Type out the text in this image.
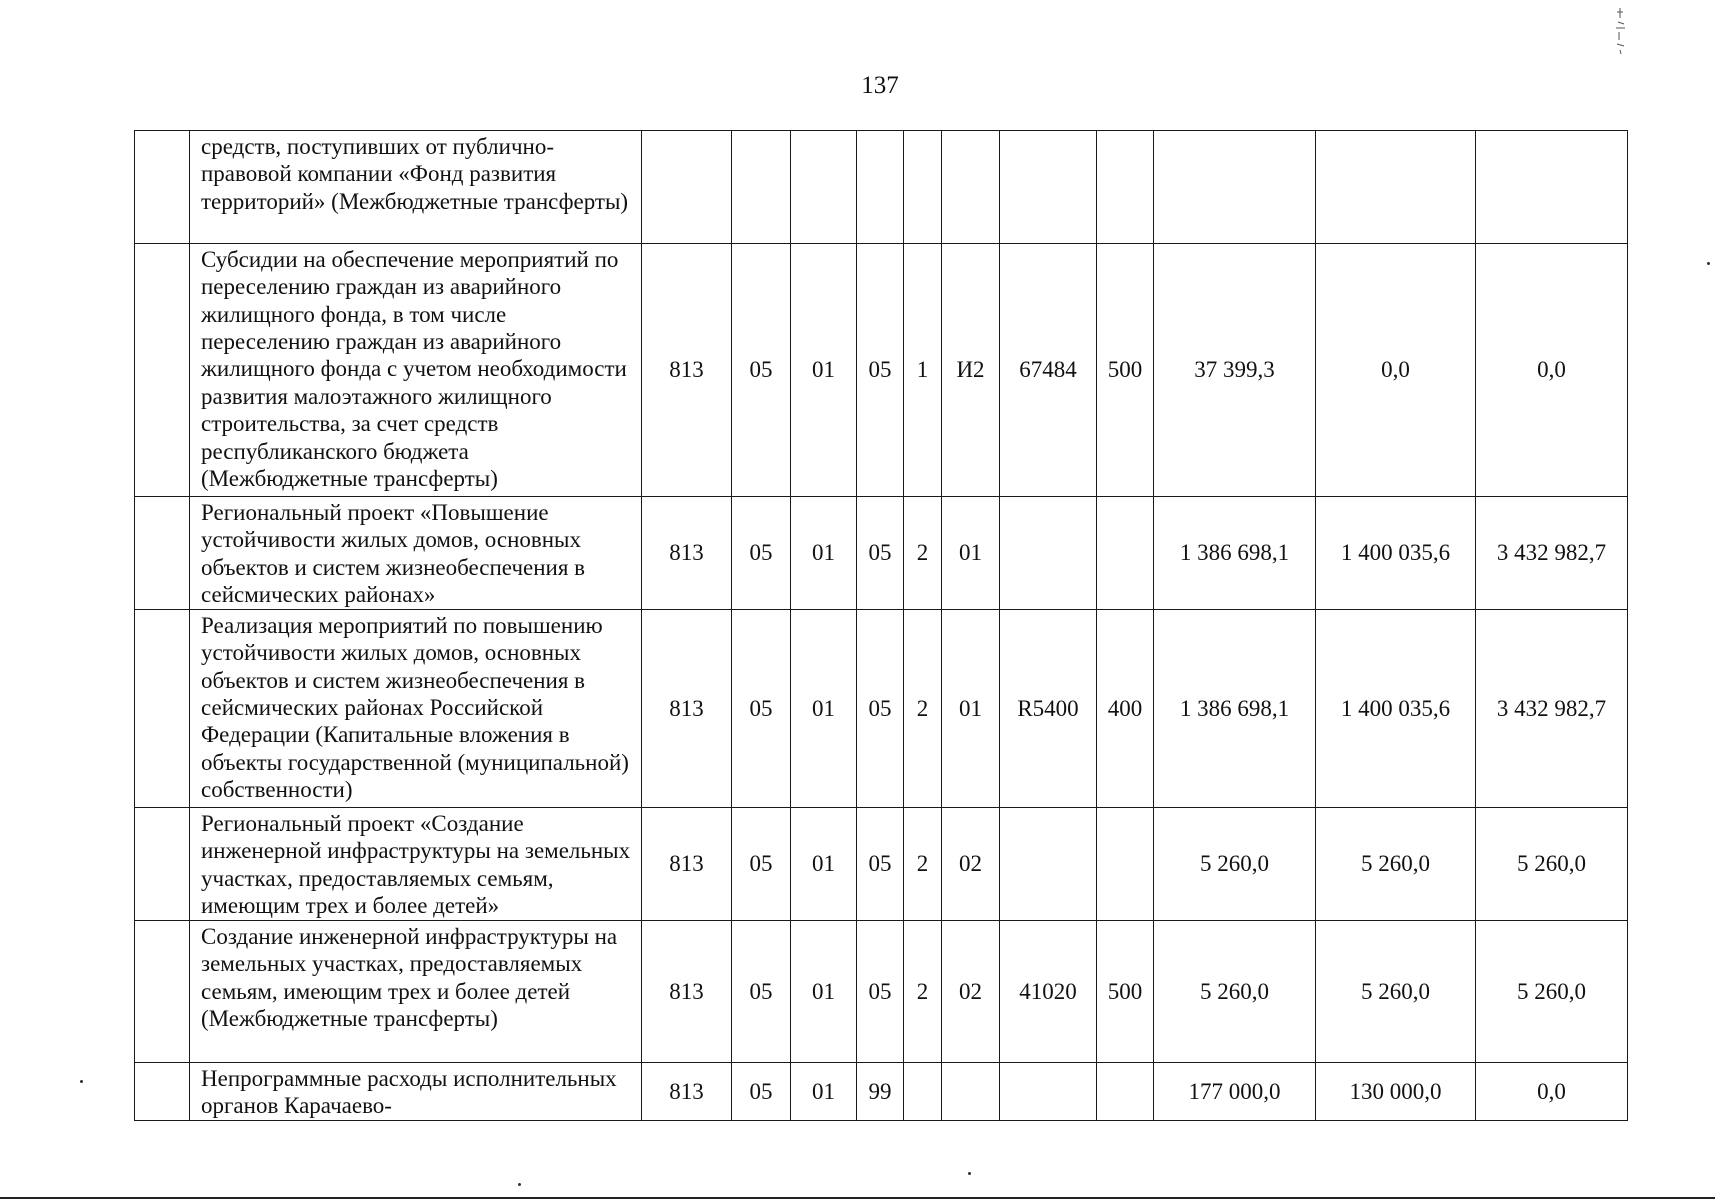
137
	средств, поступивших от публично-правовой компании «Фонд развития территорий» (Межбюджетные трансферты)											
	Субсидии на обеспечение мероприятий по переселению граждан из аварийного жилищного фонда, в том числе переселению граждан из аварийного жилищного фонда с учетом необходимости развития малоэтажного жилищного строительства, за счет средств республиканского бюджета (Межбюджетные трансферты)	813	05	01	05	1	И2	67484	500	37 399,3	0,0	0,0
	Региональный проект «Повышение устойчивости жилых домов, основных объектов и систем жизнеобеспечения в сейсмических районах»	813	05	01	05	2	01			1 386 698,1	1 400 035,6	3 432 982,7
	Реализация мероприятий по повышению устойчивости жилых домов, основных объектов и систем жизнеобеспечения в сейсмических районах Российской Федерации (Капитальные вложения в объекты государственной (муниципальной) собственности)	813	05	01	05	2	01	R5400	400	1 386 698,1	1 400 035,6	3 432 982,7
	Региональный проект «Создание инженерной инфраструктуры на земельных участках, предоставляемых семьям, имеющим трех и более детей»	813	05	01	05	2	02			5 260,0	5 260,0	5 260,0
	Создание инженерной инфраструктуры на земельных участках, предоставляемых семьям, имеющим трех и более детей (Межбюджетные трансферты)	813	05	01	05	2	02	41020	500	5 260,0	5 260,0	5 260,0
	Непрограммные расходы исполнительных органов Карачаево-	813	05	01	99					177 000,0	130 000,0	0,0
